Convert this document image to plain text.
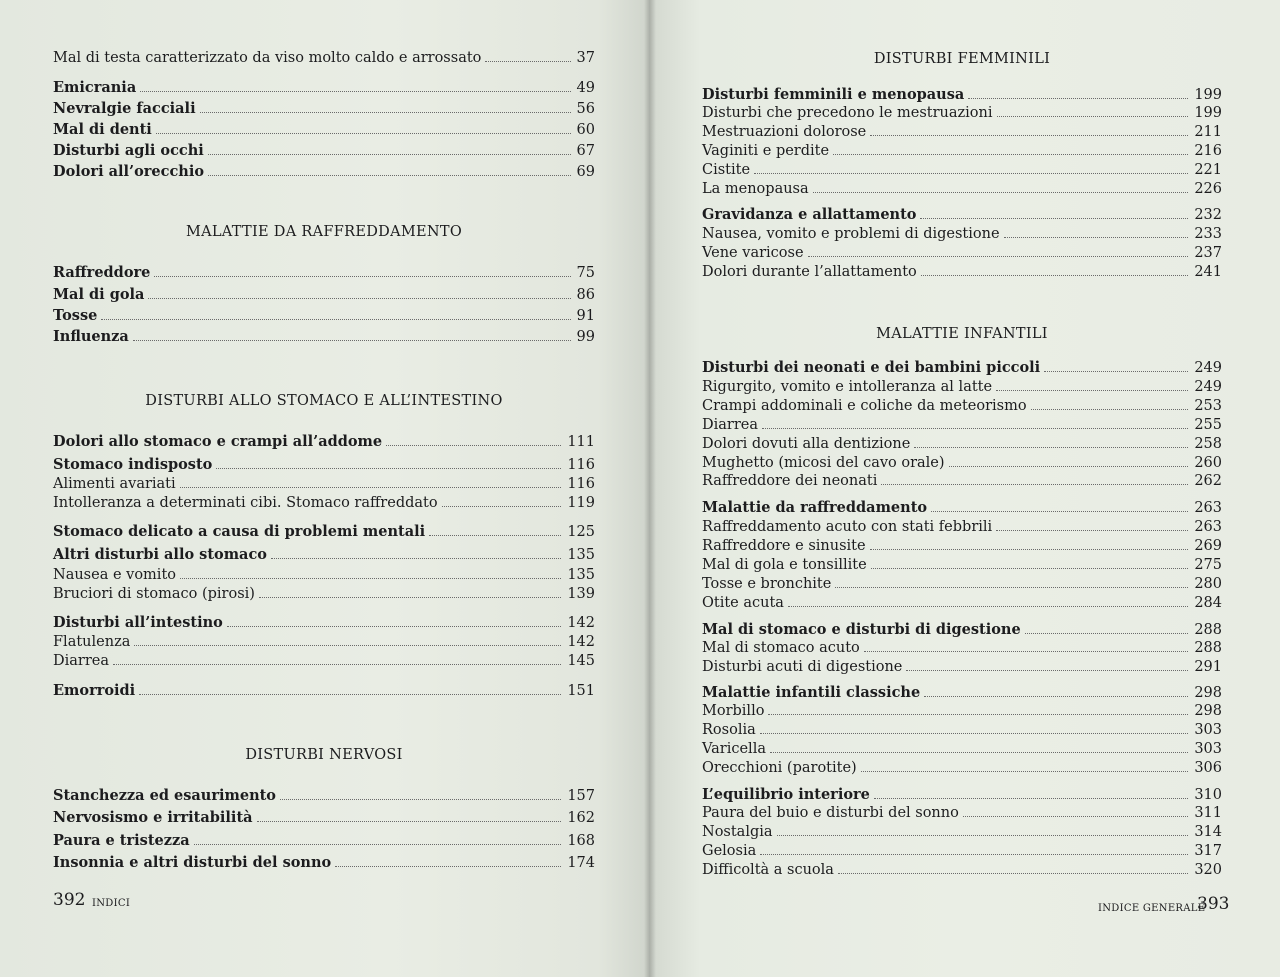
Mal di testa caratterizzato da viso molto caldo e arrossato	37
Emicrania	49
Nevralgie facciali	56
Mal di denti	60
Disturbi agli occhi	67
Dolori all’orecchio	69
MALATTIE DA RAFFREDDAMENTO
Raffreddore	75
Mal di gola	86
Tosse	91
Influenza	99
DISTURBI ALLO STOMACO E ALL’INTESTINO
Dolori allo stomaco e crampi all’addome	111
Stomaco indisposto	116
Alimenti avariati	116
Intolleranza a determinati cibi. Stomaco raffreddato	119
Stomaco delicato a causa di problemi mentali	125
Altri disturbi allo stomaco	135
Nausea e vomito	135
Bruciori di stomaco (pirosi)	139
Disturbi all’intestino	142
Flatulenza	142
Diarrea	145
Emorroidi	151
DISTURBI NERVOSI
Stanchezza ed esaurimento	157
Nervosismo e irritabilità	162
Paura e tristezza	168
Insonnia e altri disturbi del sonno	174
392 INDICI
DISTURBI FEMMINILI
Disturbi femminili e menopausa	199
Disturbi che precedono le mestruazioni	199
Mestruazioni dolorose	211
Vaginiti e perdite	216
Cistite	221
La menopausa	226
Gravidanza e allattamento	232
Nausea, vomito e problemi di digestione	233
Vene varicose	237
Dolori durante l’allattamento	241
MALATTIE INFANTILI
Disturbi dei neonati e dei bambini piccoli	249
Rigurgito, vomito e intolleranza al latte	249
Crampi addominali e coliche da meteorismo	253
Diarrea	255
Dolori dovuti alla dentizione	258
Mughetto (micosi del cavo orale)	260
Raffreddore dei neonati	262
Malattie da raffreddamento	263
Raffreddamento acuto con stati febbrili	263
Raffreddore e sinusite	269
Mal di gola e tonsillite	275
Tosse e bronchite	280
Otite acuta	284
Mal di stomaco e disturbi di digestione	288
Mal di stomaco acuto	288
Disturbi acuti di digestione	291
Malattie infantili classiche	298
Morbillo	298
Rosolia	303
Varicella	303
Orecchioni (parotite)	306
L’equilibrio interiore	310
Paura del buio e disturbi del sonno	311
Nostalgia	314
Gelosia	317
Difficoltà a scuola	320
INDICE GENERALE
393
